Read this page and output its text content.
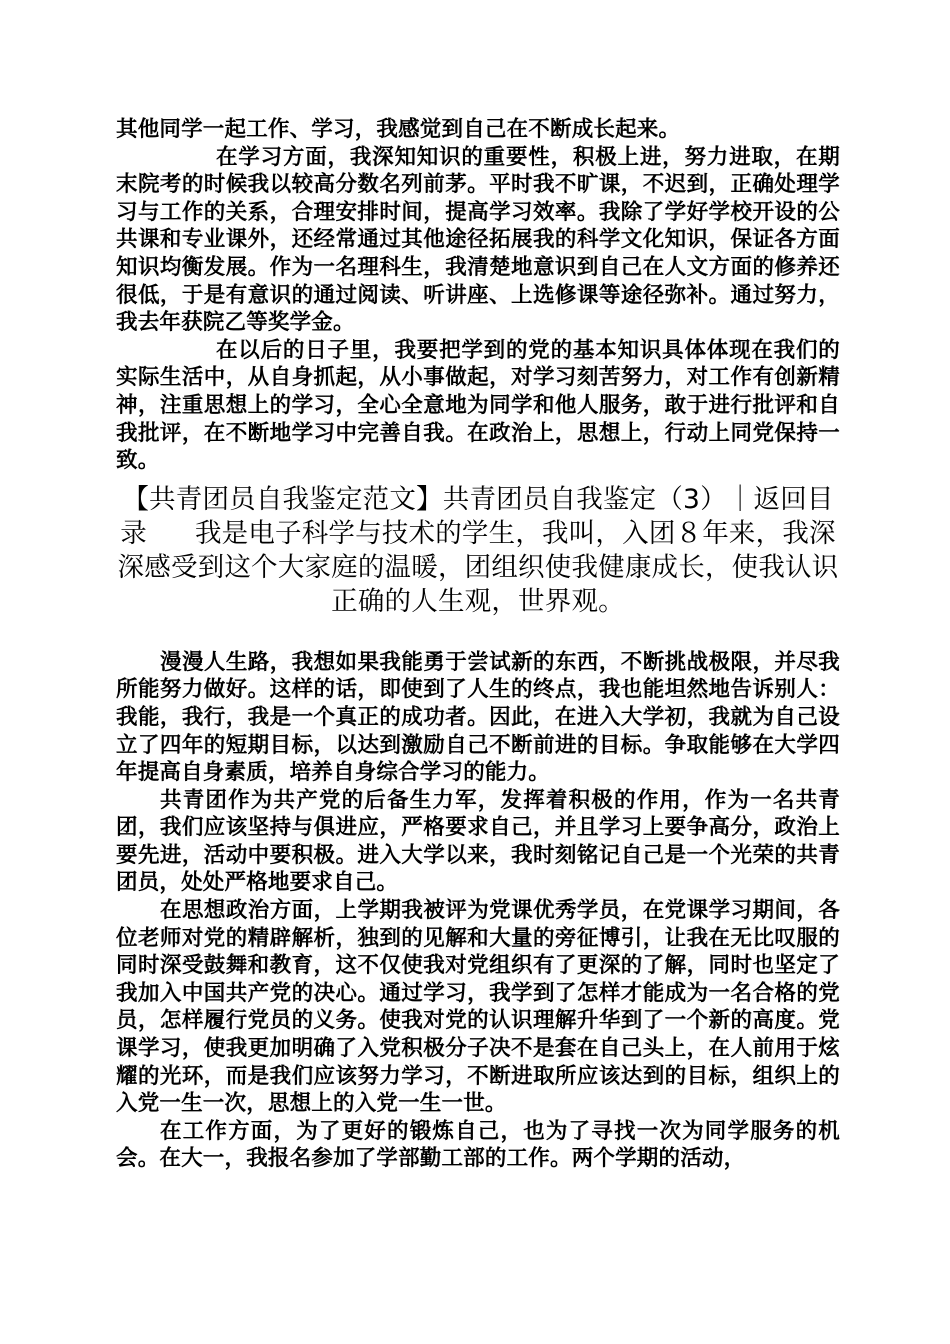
其他同学一起工作、学习，我感觉到自己在不断成长起来。

在学习方面，我深知知识的重要性，积极上进，努力进取，在期末院考的时候我以较高分数名列前茅。平时我不旷课，不迟到，正确处理学习与工作的关系，合理安排时间，提高学习效率。我除了学好学校开设的公共课和专业课外，还经常通过其他途径拓展我的科学文化知识，保证各方面知识均衡发展。作为一名理科生，我清楚地意识到自己在人文方面的修养还很低，于是有意识的通过阅读、听讲座、上选修课等途径弥补。通过努力，我去年获院乙等奖学金。

在以后的日子里，我要把学到的党的基本知识具体体现在我们的实际生活中，从自身抓起，从小事做起，对学习刻苦努力，对工作有创新精神，注重思想上的学习，全心全意地为同学和他人服务，敢于进行批评和自我批评，在不断地学习中完善自我。在政治上，思想上，行动上同党保持一致。

【共青团员自我鉴定范文】共青团员自我鉴定（3）｜返回目录 我是电子科学与技术的学生，我叫，入团８年来，我深深感受到这个大家庭的温暖，团组织使我健康成长，使我认识正确的人生观，世界观。

漫漫人生路，我想如果我能勇于尝试新的东西，不断挑战极限，并尽我所能努力做好。这样的话，即使到了人生的终点，我也能坦然地告诉别人：我能，我行，我是一个真正的成功者。因此，在进入大学初，我就为自己设立了四年的短期目标，以达到激励自己不断前进的目标。争取能够在大学四年提高自身素质，培养自身综合学习的能力。

共青团作为共产党的后备生力军，发挥着积极的作用，作为一名共青团，我们应该坚持与俱进应，严格要求自己，并且学习上要争高分，政治上要先进，活动中要积极。进入大学以来，我时刻铭记自己是一个光荣的共青团员，处处严格地要求自己。

在思想政治方面，上学期我被评为党课优秀学员，在党课学习期间，各位老师对党的精辟解析，独到的见解和大量的旁征博引，让我在无比叹服的同时深受鼓舞和教育，这不仅使我对党组织有了更深的了解，同时也坚定了我加入中国共产党的决心。通过学习，我学到了怎样才能成为一名合格的党员，怎样履行党员的义务。使我对党的认识理解升华到了一个新的高度。党课学习，使我更加明确了入党积极分子决不是套在自己头上，在人前用于炫耀的光环，而是我们应该努力学习，不断进取所应该达到的目标，组织上的入党一生一次，思想上的入党一生一世。

在工作方面，为了更好的锻炼自己，也为了寻找一次为同学服务的机会。在大一，我报名参加了学部勤工部的工作。两个学期的活动，
